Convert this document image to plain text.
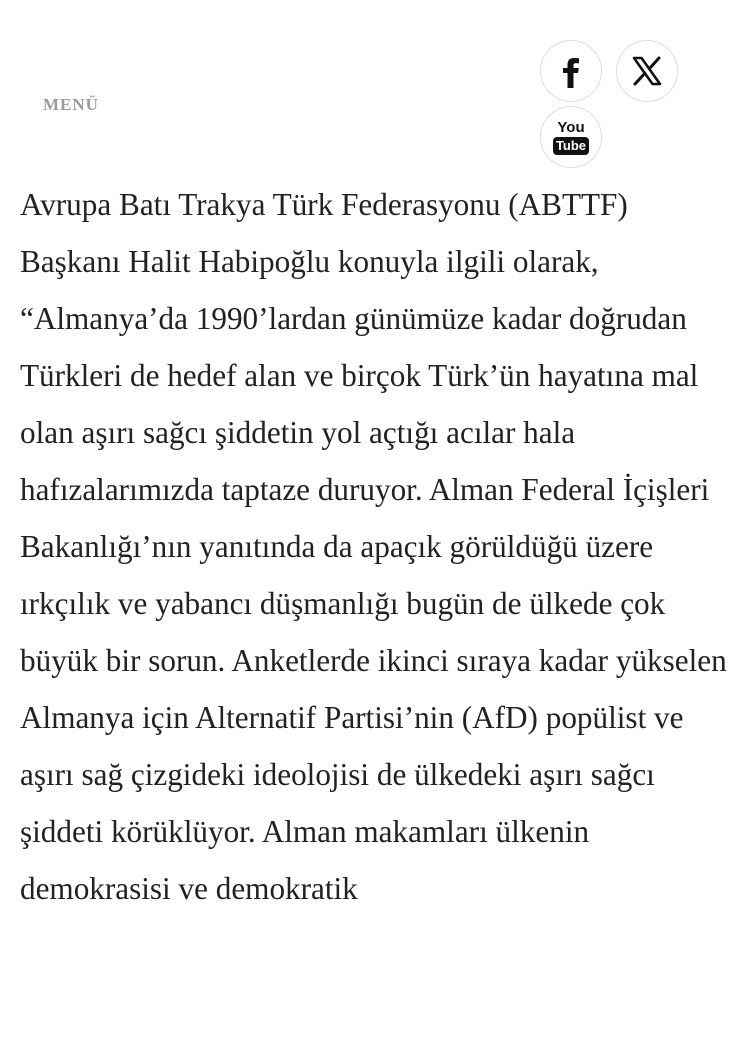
MENÜ
You
Tube

Avrupa Batı Trakya Türk Federasyonu (ABTTF) Başkanı Halit Habipoğlu konuyla ilgili olarak, “Almanya’da 1990’lardan günümüze kadar doğrudan Türkleri de hedef alan ve birçok Türk’ün hayatına mal olan aşırı sağcı şiddetin yol açtığı acılar hala hafızalarımızda taptaze duruyor. Alman Federal İçişleri Bakanlığı’nın yanıtında da apaçık görüldüğü üzere ırkçılık ve yabancı düşmanlığı bugün de ülkede çok büyük bir sorun. Anketlerde ikinci sıraya kadar yükselen Almanya için Alternatif Partisi’nin (AfD) popülist ve aşırı sağ çizgideki ideolojisi de ülkedeki aşırı sağcı şiddeti körüklüyor. Alman makamları ülkenin demokrasisi ve demokratik
